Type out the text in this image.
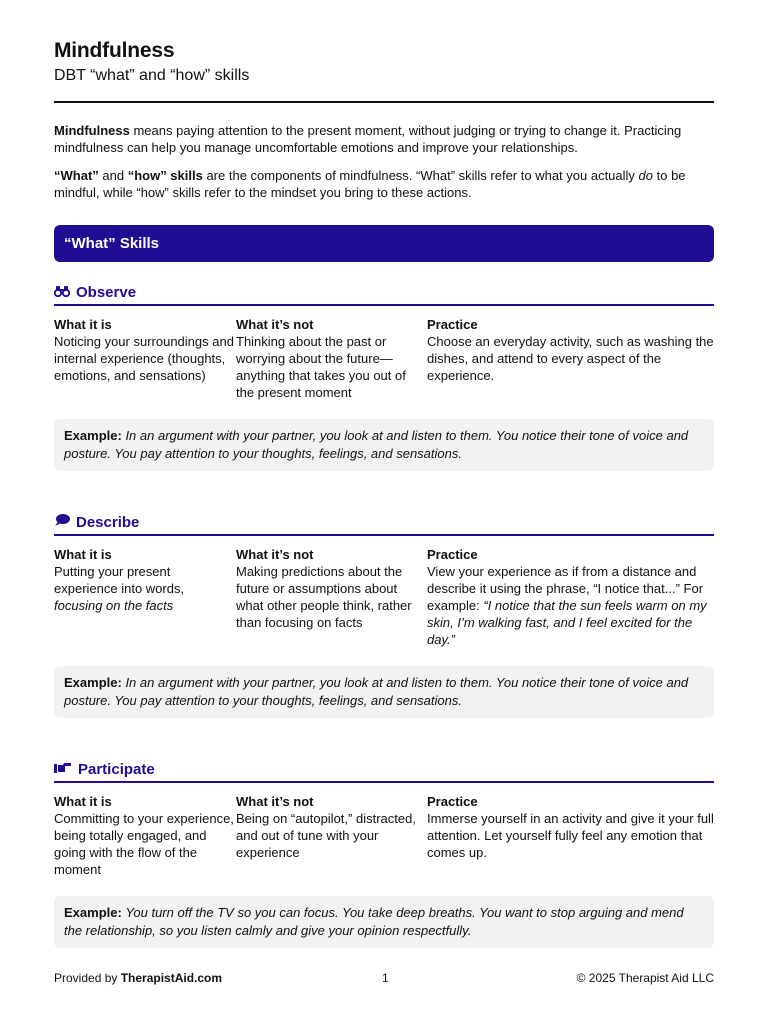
Mindfulness
DBT “what” and “how” skills

Mindfulness means paying attention to the present moment, without judging or trying to change it. Practicing mindfulness can help you manage uncomfortable emotions and improve your relationships.

“What” and “how” skills are the components of mindfulness. “What” skills refer to what you actually do to be mindful, while “how” skills refer to the mindset you bring to these actions.

“What” Skills
Observe
What it is
Noticing your surroundings and internal experience (thoughts, emotions, and sensations)
What it’s not
Thinking about the past or worrying about the future—anything that takes you out of the present moment
Practice
Choose an everyday activity, such as washing the dishes, and attend to every aspect of the experience.
Example: In an argument with your partner, you look at and listen to them. You notice their tone of voice and posture. You pay attention to your thoughts, feelings, and sensations.
Describe
What it is
Putting your present experience into words, focusing on the facts
What it’s not
Making predictions about the future or assumptions about what other people think, rather than focusing on facts
Practice
View your experience as if from a distance and describe it using the phrase, “I notice that...” For example: “I notice that the sun feels warm on my skin, I’m walking fast, and I feel excited for the day.”
Example: In an argument with your partner, you look at and listen to them. You notice their tone of voice and posture. You pay attention to your thoughts, feelings, and sensations.
Participate
What it is
Committing to your experience, being totally engaged, and going with the flow of the moment
What it’s not
Being on “autopilot,” distracted, and out of tune with your experience
Practice
Immerse yourself in an activity and give it your full attention. Let yourself fully feel any emotion that comes up.
Example: You turn off the TV so you can focus. You take deep breaths. You want to stop arguing and mend the relationship, so you listen calmly and give your opinion respectfully.
Provided by TherapistAid.com	1	© 2025 Therapist Aid LLC
